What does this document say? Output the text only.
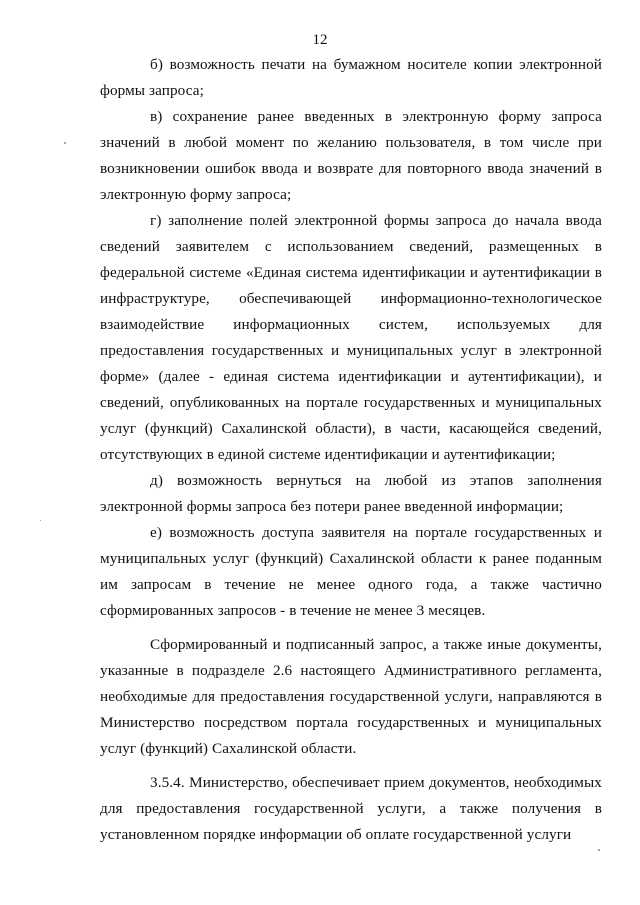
12

б) возможность печати на бумажном носителе копии электронной формы запроса;

в) сохранение ранее введенных в электронную форму запроса значений в любой момент по желанию пользователя, в том числе при возникновении ошибок ввода и возврате для повторного ввода значений в электронную форму запроса;

г) заполнение полей электронной формы запроса до начала ввода сведений заявителем с использованием сведений, размещенных в федеральной системе «Единая система идентификации и аутентификации в инфраструктуре, обеспечивающей информационно-технологическое взаимодействие информационных систем, используемых для предоставления государственных и муниципальных услуг в электронной форме» (далее - единая система идентификации и аутентификации), и сведений, опубликованных на портале государственных и муниципальных услуг (функций) Сахалинской области), в части, касающейся сведений, отсутствующих в единой системе идентификации и аутентификации;

д) возможность вернуться на любой из этапов заполнения электронной формы запроса без потери ранее введенной информации;

е) возможность доступа заявителя на портале государственных и муниципальных услуг (функций) Сахалинской области к ранее поданным им запросам в течение не менее одного года, а также частично сформированных запросов - в течение не менее 3 месяцев.

Сформированный и подписанный запрос, а также иные документы, указанные в подразделе 2.6 настоящего Административного регламента, необходимые для предоставления государственной услуги, направляются в Министерство посредством портала государственных и муниципальных услуг (функций) Сахалинской области.

3.5.4. Министерство, обеспечивает прием документов, необходимых для предоставления государственной услуги, а также получения в установленном порядке информации об оплате государственной услуги
